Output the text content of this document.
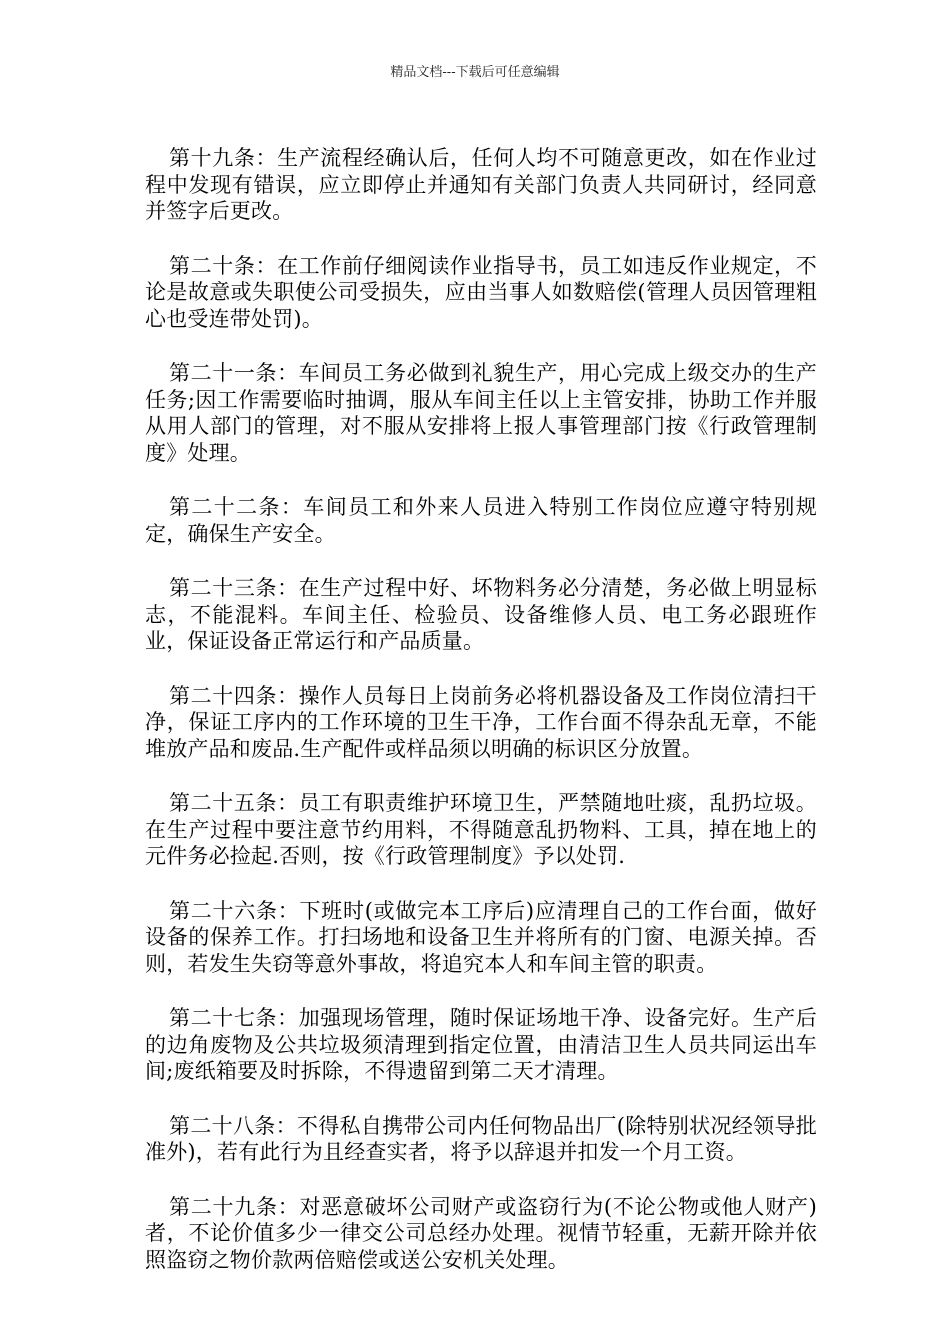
精品文档---下载后可任意编辑

第十九条：生产流程经确认后，任何人均不可随意更改，如在作业过程中发现有错误，应立即停止并通知有关部门负责人共同研讨，经同意并签字后更改。

第二十条：在工作前仔细阅读作业指导书，员工如违反作业规定，不论是故意或失职使公司受损失，应由当事人如数赔偿(管理人员因管理粗心也受连带处罚)。

第二十一条：车间员工务必做到礼貌生产，用心完成上级交办的生产任务;因工作需要临时抽调，服从车间主任以上主管安排，协助工作并服从用人部门的管理，对不服从安排将上报人事管理部门按《行政管理制度》处理。

第二十二条：车间员工和外来人员进入特别工作岗位应遵守特别规定，确保生产安全。

第二十三条：在生产过程中好、坏物料务必分清楚，务必做上明显标志，不能混料。车间主任、检验员、设备维修人员、电工务必跟班作业，保证设备正常运行和产品质量。

第二十四条：操作人员每日上岗前务必将机器设备及工作岗位清扫干净，保证工序内的工作环境的卫生干净，工作台面不得杂乱无章，不能堆放产品和废品.生产配件或样品须以明确的标识区分放置。

第二十五条：员工有职责维护环境卫生，严禁随地吐痰，乱扔垃圾。在生产过程中要注意节约用料，不得随意乱扔物料、工具，掉在地上的元件务必捡起.否则，按《行政管理制度》予以处罚.

第二十六条：下班时(或做完本工序后)应清理自己的工作台面，做好设备的保养工作。打扫场地和设备卫生并将所有的门窗、电源关掉。否则，若发生失窃等意外事故，将追究本人和车间主管的职责。

第二十七条：加强现场管理，随时保证场地干净、设备完好。生产后的边角废物及公共垃圾须清理到指定位置，由清洁卫生人员共同运出车间;废纸箱要及时拆除，不得遗留到第二天才清理。

第二十八条：不得私自携带公司内任何物品出厂(除特别状况经领导批准外)，若有此行为且经查实者，将予以辞退并扣发一个月工资。

第二十九条：对恶意破坏公司财产或盗窃行为(不论公物或他人财产)者，不论价值多少一律交公司总经办处理。视情节轻重，无薪开除并依照盗窃之物价款两倍赔偿或送公安机关处理。
